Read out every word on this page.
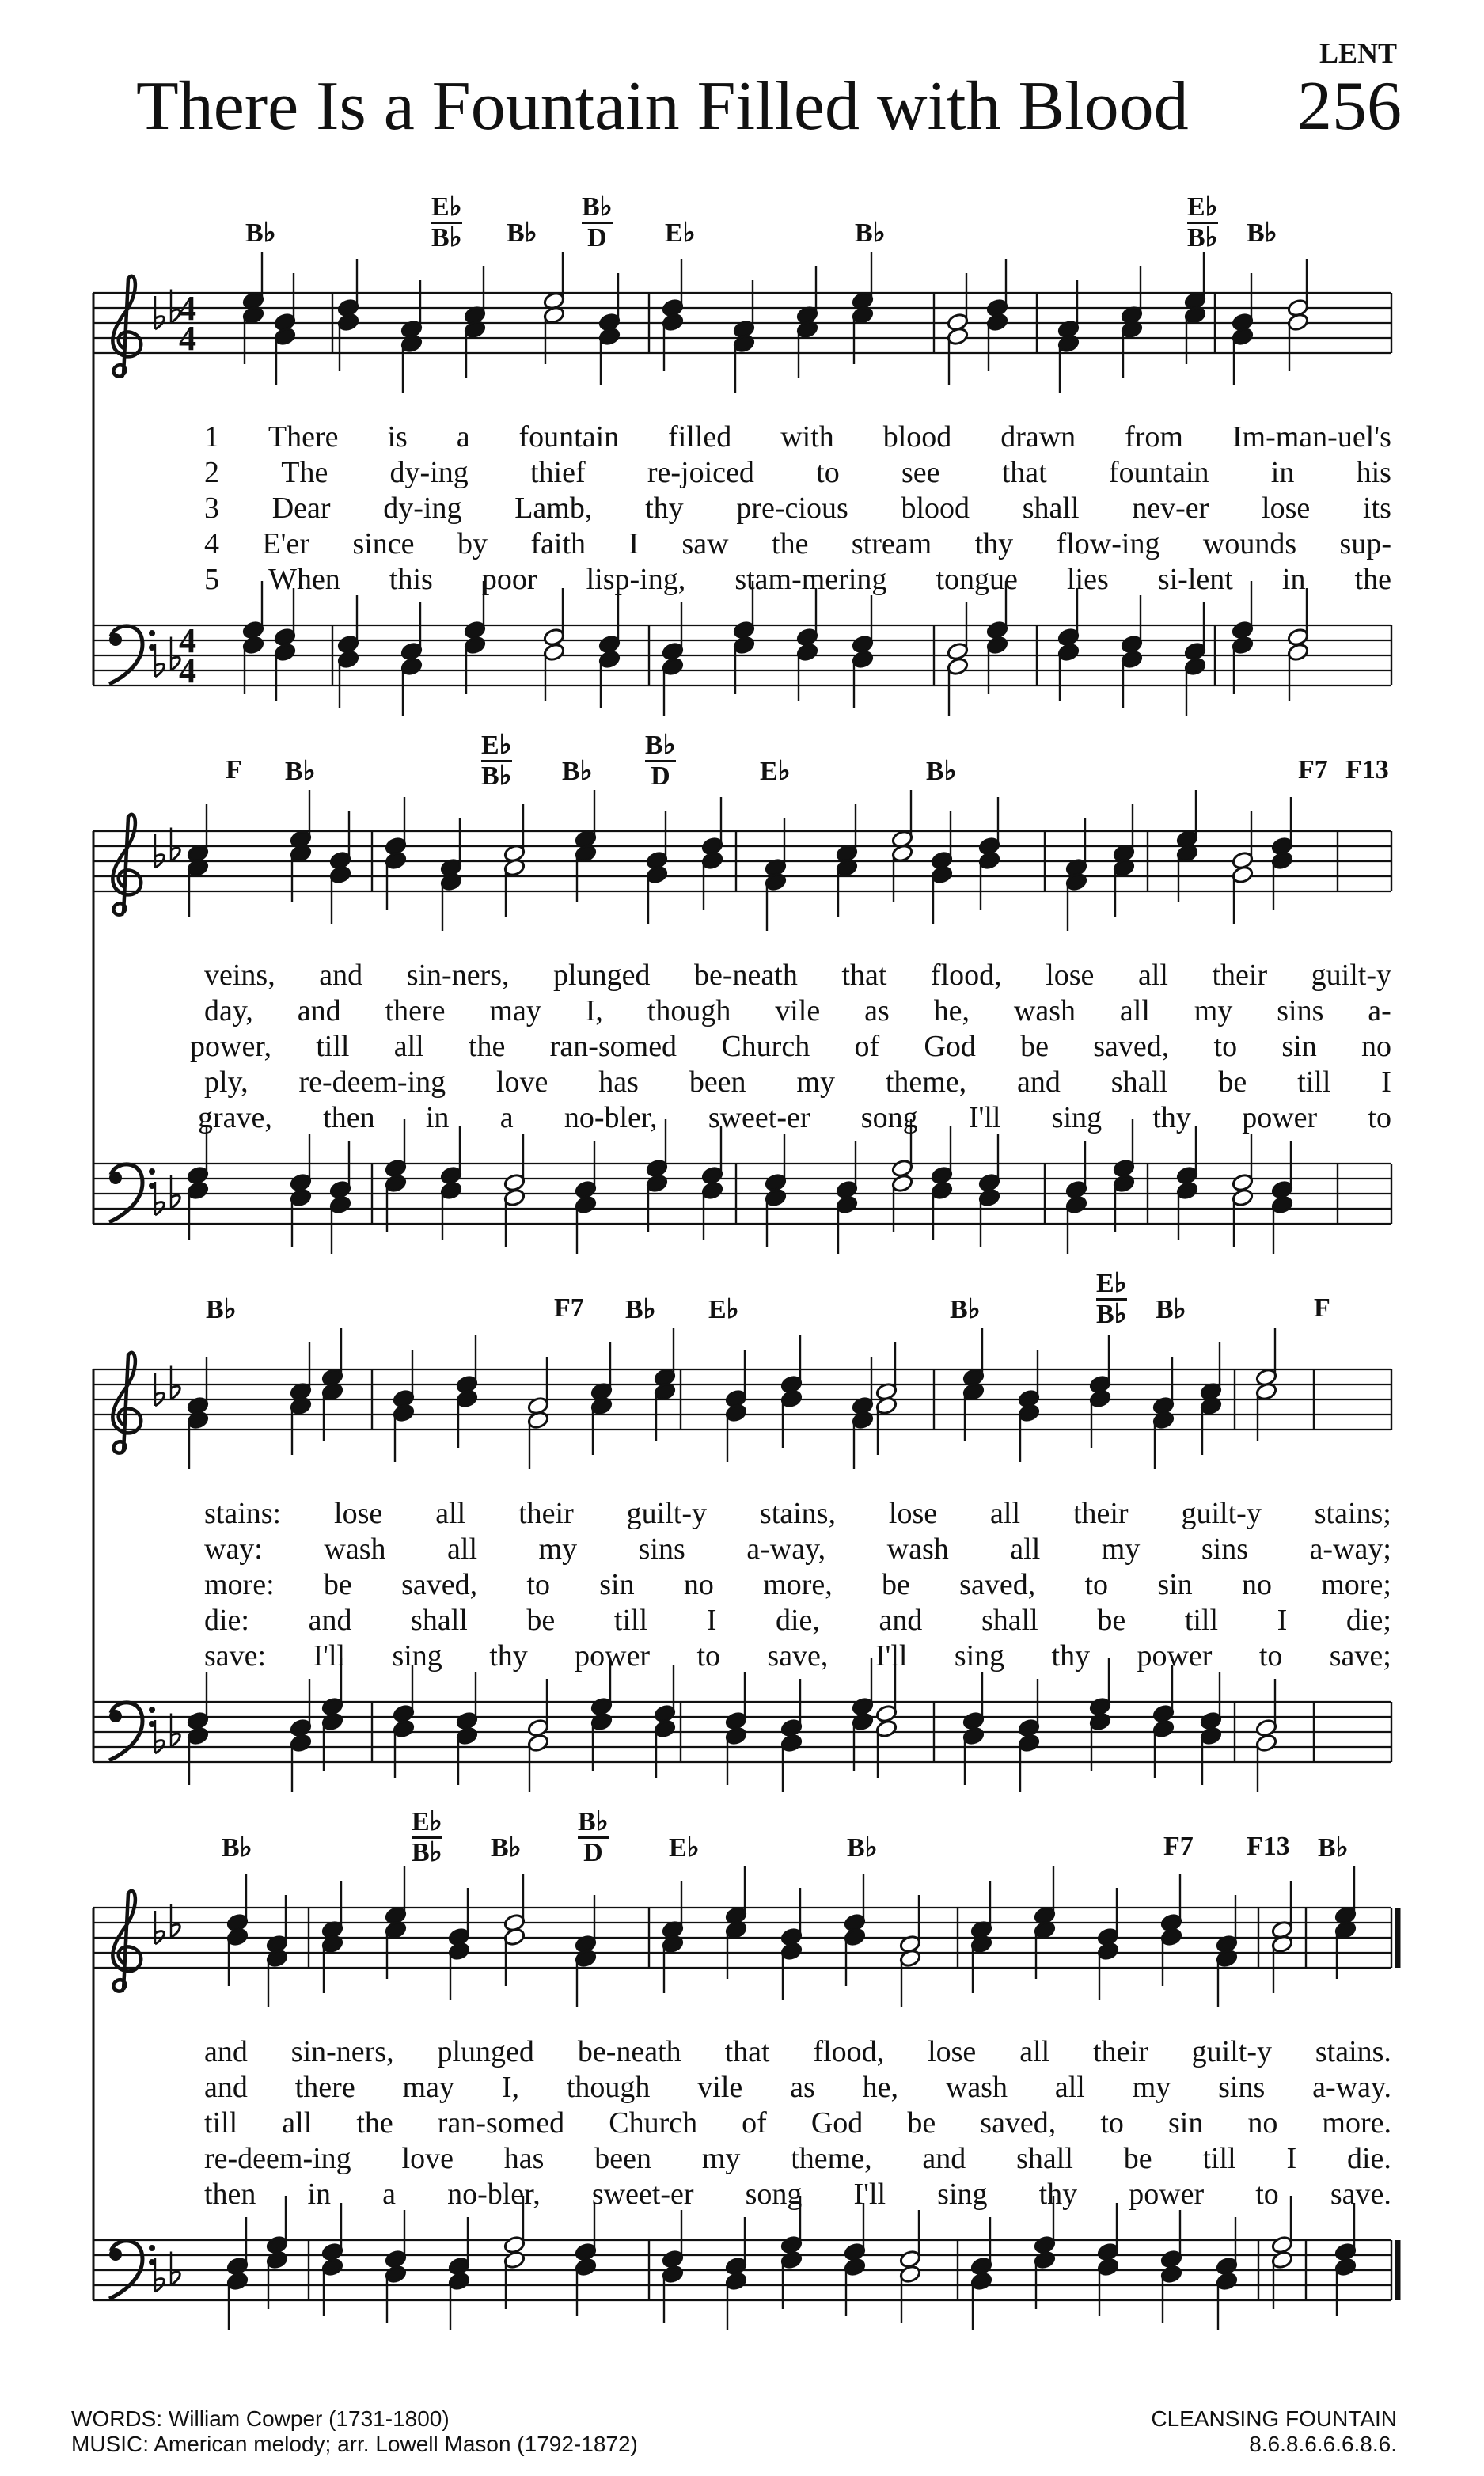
LENT
There Is a Fountain Filled with Blood 256
4
4
4
4
B♭	$\frac{E♭}{B♭}$ B♭ $\frac{B♭}{D}$ E♭	B♭	$\frac{E♭}{B♭}$ B♭
1 There is a fountain filled with blood drawn from Im-man-uel's
2 The dy-ing thief re-joiced to see that fountain in his
3 Dear dy-ing Lamb, thy pre-cious blood shall nev-er lose its
4 E'er since by faith I saw the stream thy flow-ing wounds sup-
5 When this poor lisp-ing, stam-mering tongue lies si-lent in the
F B♭	$\frac{E♭}{B♭}$ B♭ $\frac{B♭}{D}$	E♭	B♭	F7 F13
veins, and sin-ners, plunged be-neath that flood, lose all their guilt-y
day, and there may I, though vile as he, wash all my sins a-
power, till all the ran-somed Church of God be saved, to sin no
ply, re-deem-ing love has been my theme, and shall be till I
grave, then in a no-bler, sweet-er song I'll sing thy power to
B♭	F7 B♭ E♭	B♭	$\frac{E♭}{B♭}$ B♭	F
stains: lose all their guilt-y stains, lose all their guilt-y stains;
way: wash all my sins a-way, wash all my sins a-way;
more: be saved, to sin no more, be saved, to sin no more;
die: and shall be till I die, and shall be till I die;
save: I'll sing thy power to save, I'll sing thy power to save;
B♭	$\frac{E♭}{B♭}$ B♭ $\frac{B♭}{D}$ E♭	B♭	F7 F13 B♭
and sin-ners, plunged be-neath that flood, lose all their guilt-y stains.
and there may I, though vile as he, wash all my sins a-way.
till all the ran-somed Church of God be saved, to sin no more.
re-deem-ing love has been my theme, and shall be till I die.
then in a no-bler, sweet-er song I'll sing thy power to save.
WORDS: William Cowper (1731-1800)
MUSIC: American melody; arr. Lowell Mason (1792-1872)
CLEANSING FOUNTAIN
8.6.8.6.6.6.8.6.
